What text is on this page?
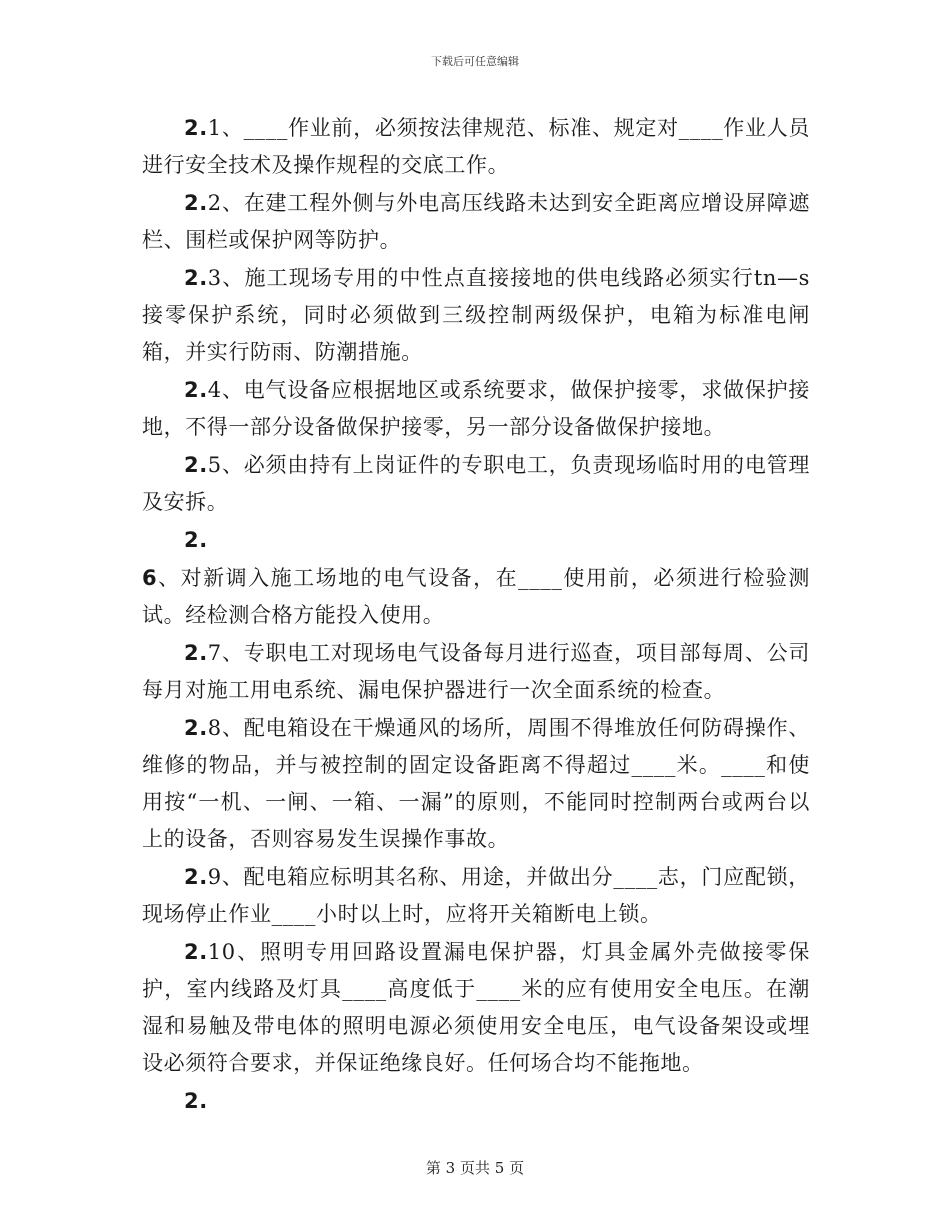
下载后可任意编辑

2.1、____作业前，必须按法律规范、标准、规定对____作业人员进行安全技术及操作规程的交底工作。

2.2、在建工程外侧与外电高压线路未达到安全距离应增设屏障遮栏、围栏或保护网等防护。

2.3、施工现场专用的中性点直接接地的供电线路必须实行tn—s接零保护系统，同时必须做到三级控制两级保护，电箱为标准电闸箱，并实行防雨、防潮措施。

2.4、电气设备应根据地区或系统要求，做保护接零，求做保护接地，不得一部分设备做保护接零，另一部分设备做保护接地。

2.5、必须由持有上岗证件的专职电工，负责现场临时用的电管理及安拆。

2.

6、对新调入施工场地的电气设备，在____使用前，必须进行检验测试。经检测合格方能投入使用。

2.7、专职电工对现场电气设备每月进行巡查，项目部每周、公司每月对施工用电系统、漏电保护器进行一次全面系统的检查。

2.8、配电箱设在干燥通风的场所，周围不得堆放任何防碍操作、维修的物品，并与被控制的固定设备距离不得超过____米。____和使用按“一机、一闸、一箱、一漏”的原则，不能同时控制两台或两台以上的设备，否则容易发生误操作事故。

2.9、配电箱应标明其名称、用途，并做出分____志，门应配锁，现场停止作业____小时以上时，应将开关箱断电上锁。

2.10、照明专用回路设置漏电保护器，灯具金属外壳做接零保护，室内线路及灯具____高度低于____米的应有使用安全电压。在潮湿和易触及带电体的照明电源必须使用安全电压，电气设备架设或埋设必须符合要求，并保证绝缘良好。任何场合均不能拖地。

2.

第 3 页共 5 页
